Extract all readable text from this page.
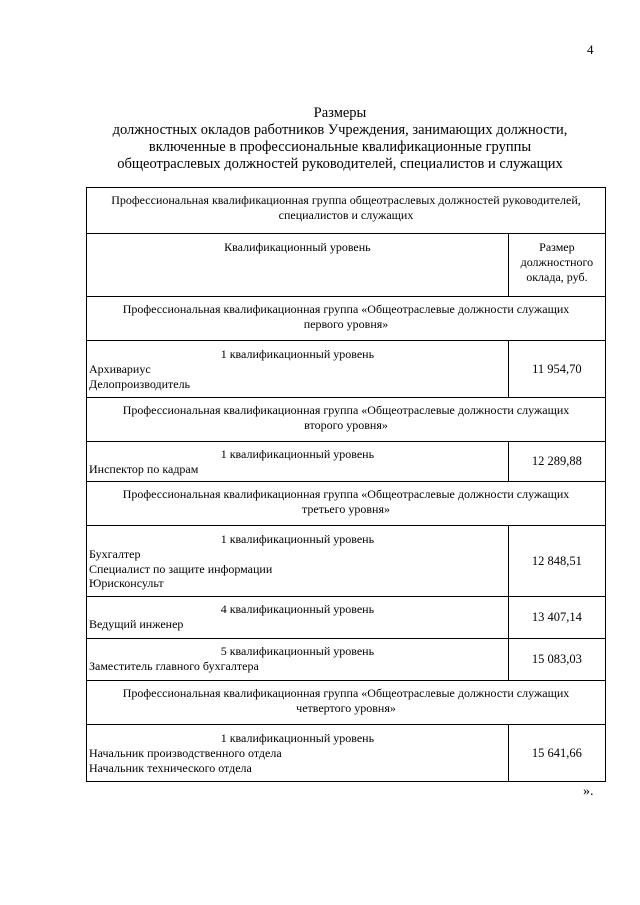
4
Размеры
должностных окладов работников Учреждения, занимающих должности,
включенные в профессиональные квалификационные группы
общеотраслевых должностей руководителей, специалистов и служащих
Профессиональная квалификационная группа общеотраслевых должностей руководителей,
специалистов и служащих	

Квалификационный уровень	Размер
должностного
оклада, руб.

Профессиональная квалификационная группа «Общеотраслевые должности служащих
первого уровня»	

1 квалификационный уровень
Архивариус
Делопроизводитель	11 954,70

Профессиональная квалификационная группа «Общеотраслевые должности служащих
второго уровня»	

1 квалификационный уровень
Инспектор по кадрам	12 289,88

Профессиональная квалификационная группа «Общеотраслевые должности служащих
третьего уровня»	

1 квалификационный уровень
Бухгалтер
Специалист по защите информации
Юрисконсульт	12 848,51

4 квалификационный уровень
Ведущий инженер	13 407,14

5 квалификационный уровень
Заместитель главного бухгалтера	15 083,03

Профессиональная квалификационная группа «Общеотраслевые должности служащих
четвертого уровня»	

1 квалификационный уровень
Начальник производственного отдела
Начальник технического отдела	15 641,66
».
